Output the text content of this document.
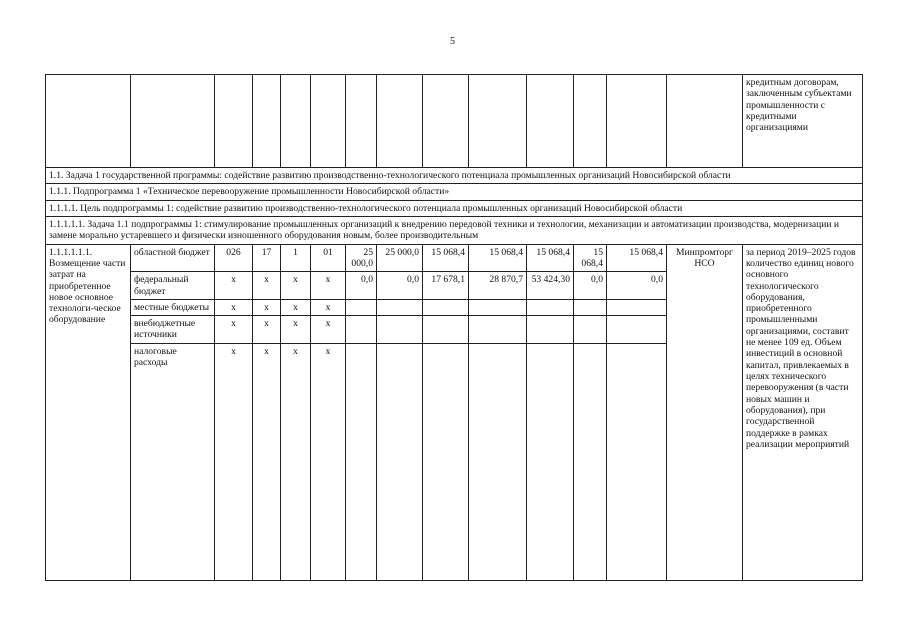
5
														кредитным договорам, заключенным субъектами промышленности с кредитными организациями
1.1. Задача 1 государственной программы: содействие развитию производственно-технологического потенциала промышленных организаций Новосибирской области														
1.1.1. Подпрограмма 1 «Техническое перевооружение промышленности Новосибирской области»														
1.1.1.1. Цель подпрограммы 1: содействие развитию производственно-технологического потенциала промышленных организаций Новосибирской области														
1.1.1.1.1. Задача 1.1 подпрограммы 1: стимулирование промышленных организаций к внедрению передовой техники и технологии, механизации и автоматизации производства, модернизации и замене морально устаревшего и физически изношенного оборудования новым, более производительным														
1.1.1.1.1.1. Возмещение части затрат на приобретенное новое основное технологи-ческое оборудование	областной бюджет	026	17	1	01	25 000,0	25 000,0	15 068,4	15 068,4	15 068,4	15 068,4	15 068,4	Минпромторг НСО	за период 2019–2025 годов количество единиц нового основного технологического оборудования, приобретенного промышленными организациями, составит не менее 109 ед. Объем инвестиций в основной капитал, привлекаемых в целях технического перевооружения (в части новых машин и оборудования), при государственной поддержке в рамках реализации мероприятий
	федеральный бюджет	x	x	x	x	0,0	0,0	17 678,1	28 870,7	53 424,30	0,0	0,0		
	местные бюджеты	x	x	x	x									
	внебюджетные источники	x	x	x	x									
	налоговые расходы	x	x	x	x									
